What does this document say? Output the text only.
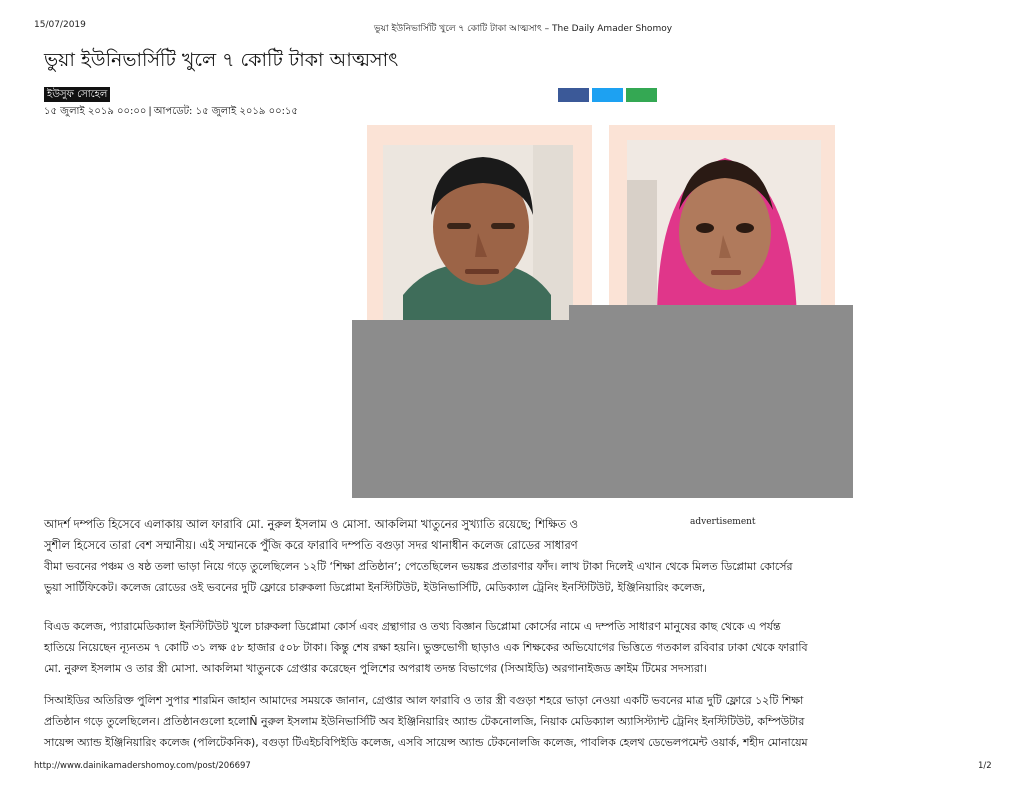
15/07/2019	ভুয়া ইউনিভার্সিটি খুলে ৭ কোটি টাকা আত্মসাৎ – The Daily Amader Shomoy
ভুয়া ইউনিভার্সিটি খুলে ৭ কোটি টাকা আত্মসাৎ
ইউসুফ সোহেল
১৫ জুলাই ২০১৯ ০০:০০ | আপডেট: ১৫ জুলাই ২০১৯ ০০:১৫
advertisement
আদর্শ দম্পতি হিসেবে এলাকায় আল ফারাবি মো. নুরুল ইসলাম ও মোসা. আকলিমা খাতুনের সুখ্যাতি রয়েছে; শিক্ষিত ও
সুশীল হিসেবে তারা বেশ সম্মানীয়। এই সম্মানকে পুঁজি করে ফারাবি দম্পতি বগুড়া সদর থানাধীন কলেজ রোডের সাধারণ
বীমা ভবনের পঞ্চম ও ষষ্ঠ তলা ভাড়া নিয়ে গড়ে তুলেছিলেন ১২টি ‘শিক্ষা প্রতিষ্ঠান’; পেতেছিলেন ভয়ঙ্কর প্রতারণার ফাঁদ। লাখ টাকা দিলেই এখান থেকে মিলত ডিপ্লোমা কোর্সের
ভুয়া সার্টিফিকেট। কলেজ রোডের ওই ভবনের দুটি ফ্লোরে চারুকলা ডিপ্লোমা ইনস্টিটিউট, ইউনিভার্সিটি, মেডিক্যাল ট্রেনিং ইনস্টিটিউট, ইঞ্জিনিয়ারিং কলেজ,
বিএড কলেজ, প্যারামেডিক্যাল ইনস্টিটিউট খুলে চারুকলা ডিপ্লোমা কোর্স এবং গ্রন্থাগার ও তথ্য বিজ্ঞান ডিপ্লোমা কোর্সের নামে এ দম্পতি সাধারণ মানুষের কাছ থেকে এ পর্যন্ত
হাতিয়ে নিয়েছেন ন্যূনতম ৭ কোটি ৩১ লক্ষ ৫৮ হাজার ৫০৮ টাকা। কিন্তু শেষ রক্ষা হয়নি। ভুক্তভোগী ছাড়াও এক শিক্ষকের অভিযোগের ভিত্তিতে গতকাল রবিবার ঢাকা থেকে ফারাবি
মো. নুরুল ইসলাম ও তার স্ত্রী মোসা. আকলিমা খাতুনকে গ্রেপ্তার করেছেন পুলিশের অপরাধ তদন্ত বিভাগের (সিআইডি) অরগানাইজড ক্রাইম টিমের সদস্যরা।
সিআইডির অতিরিক্ত পুলিশ সুপার শারমিন জাহান আমাদের সময়কে জানান, গ্রেপ্তার আল ফারাবি ও তার স্ত্রী বগুড়া শহরে ভাড়া নেওয়া একটি ভবনের মাত্র দুটি ফ্লোরে ১২টি শিক্ষা
প্রতিষ্ঠান গড়ে তুলেছিলেন। প্রতিষ্ঠানগুলো হলোÑ নুরুল ইসলাম ইউনিভার্সিটি অব ইঞ্জিনিয়ারিং অ্যান্ড টেকনোলজি, নিয়াক মেডিক্যাল অ্যাসিস্ট্যান্ট ট্রেনিং ইনস্টিটিউট, কম্পিউটার
সায়েন্স অ্যান্ড ইঞ্জিনিয়ারিং কলেজ (পলিটেকনিক), বগুড়া টিএইচবিপিইডি কলেজ, এসবি সায়েন্স অ্যান্ড টেকনোলজি কলেজ, পাবলিক হেলথ ডেভেলপমেন্ট ওয়ার্ক, শহীদ মোনায়েম
http://www.dainikamadershomoy.com/post/206697	1/2
